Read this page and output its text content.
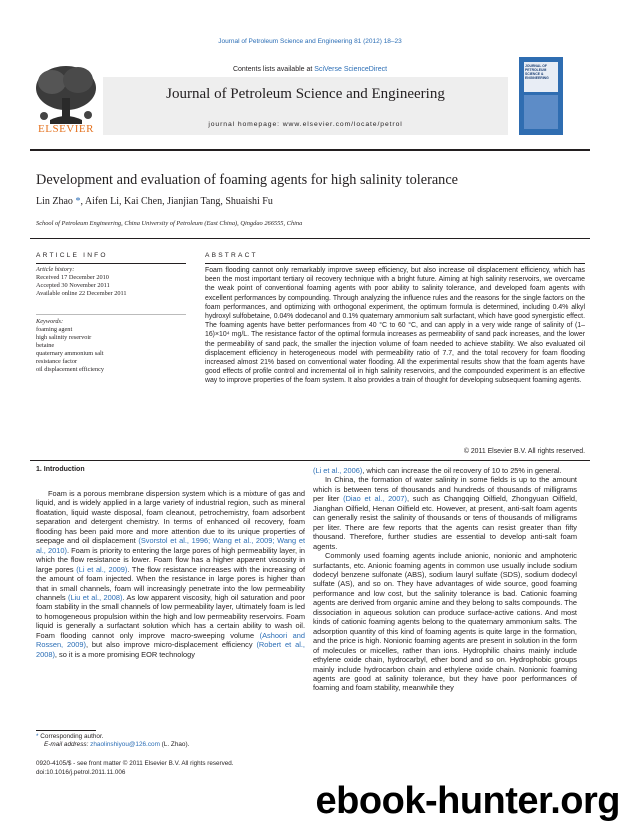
Journal of Petroleum Science and Engineering 81 (2012) 18–23
Contents lists available at SciVerse ScienceDirect
Journal of Petroleum Science and Engineering
journal homepage: www.elsevier.com/locate/petrol
ELSEVIER
JOURNAL OF PETROLEUM SCIENCE & ENGINEERING
Development and evaluation of foaming agents for high salinity tolerance
Lin Zhao *, Aifen Li, Kai Chen, Jianjian Tang, Shuaishi Fu
School of Petroleum Engineering, China University of Petroleum (East China), Qingdao 266555, China
ARTICLE INFO
Article history:
Received 17 December 2010
Accepted 30 November 2011
Available online 22 December 2011
Keywords:
foaming agent
high salinity reservoir
betaine
quaternary ammonium salt
resistance factor
oil displacement efficiency
ABSTRACT
Foam flooding cannot only remarkably improve sweep efficiency, but also increase oil displacement efficiency, which has been the most important tertiary oil recovery technique with a bright future. Aiming at high salinity reservoirs, we overcame the weak point of conventional foaming agents with poor ability to salinity tolerance, and developed foam agents with excellent performances by compounding. Through analyzing the influence rules and the reasons for the single factors on the foam performances, and optimizing with orthogonal experiment, the optimum formula is determined, including 0.4% alkyl hydroxyl sulfobetaine, 0.04% dodecanol and 0.1% quaternary ammonium salt surfactant, which have good synergistic effect. The foaming agents have better performances from 40 °C to 60 °C, and can apply in a very wide range of salinity of (1–16)×10⁴ mg/L. The resistance factor of the optimal formula increases as permeability of sand pack increases, and the lower the permeability of sand pack, the smaller the injection volume of foam needed to achieve stability. We also evaluated oil displacement efficiency in heterogeneous model with permeability ratio of 7.7, and the total recovery for foam flooding increased almost 21% based on conventional water flooding. All the experimental results show that the foam agents have good effects of profile control and incremental oil in high salinity reservoirs, and the compounded experiment is an effective way to improve properties of the foam system. It also provides a train of thought for developing subsequent foaming agents.
© 2011 Elsevier B.V. All rights reserved.
1. Introduction

Foam is a porous membrane dispersion system which is a mixture of gas and liquid, and is widely applied in a large variety of industrial region, such as mineral floatation, liquid waste disposal, foam cleanout, petrochemistry, foam adsorbent separation and detergent chemistry. In terms of enhanced oil recovery, foam flooding has been paid more and more attention due to its unique properties of seepage and oil displacement (Svorstol et al., 1996; Wang et al., 2009; Wang et al., 2010). Foam is priority to entering the large pores of high permeability layer, in which the flow resistance is lower. Foam flow has a higher apparent viscosity in large pores (Li et al., 2009). The flow resistance increases with the increasing of the amount of foam injected. When the resistance in large pores is higher than that in small channels, foam will increasingly penetrate into the low permeability channels (Liu et al., 2008). As low apparent viscosity, high oil saturation and poor foam stability in the small channels of low permeability layer, ultimately foam is led to homogeneous propulsion within the high and low permeability reservoirs. Foam liquid is generally a surfactant solution which has a certain ability to wash oil. Foam flooding cannot only improve macro-sweeping volume (Ashoori and Rossen, 2009), but also improve micro-displacement efficiency (Robert et al., 2008), so it is a more promising EOR technology

(Li et al., 2006), which can increase the oil recovery of 10 to 25% in general.

In China, the formation of water salinity in some fields is up to the amount which is between tens of thousands and hundreds of thousands of milligrams per liter (Diao et al., 2007), such as Changqing Oilfield, Zhongyuan Oilfield, Jianghan Oilfield, Henan Oilfield etc. However, at present, anti-salt foam agents can generally resist the salinity of thousands or tens of thousands of milligrams per liter. There are few reports that the agents can resist greater than fifty thousand. Therefore, further studies are essential to develop anti-salt foam agents.

Commonly used foaming agents include anionic, nonionic and amphoteric surfactants, etc. Anionic foaming agents in common use usually include sodium dodecyl benzene sulfonate (ABS), sodium lauryl sulfate (SDS), sodium dodecyl sulfate (AS), and so on. They have advantages of wide source, good foaming performance and low cost, but the salinity tolerance is bad. Cationic foaming agents are derived from organic amine and they belong to salts compounds. The dissociation in aqueous solution can produce surface-active cations. And most kinds of cationic foaming agents belong to the quaternary ammonium salts. The adsorption quantity of this kind of foaming agents is quite large in the formation, and the price is high. Nonionic foaming agents are present in solution in the form of molecules or micelles, rather than ions. Hydrophilic chains mainly include ethylene oxide chain, hydrocarbyl, ether bond and so on. Hydrophobic groups mainly include hydrocarbon chain and ethylene oxide chain. Nonionic foaming agents are good at salinity tolerance, but they have poor performances of foaming and foam stability, meanwhile they

* Corresponding author.
E-mail address: zhaolinshiyou@126.com (L. Zhao).
0920-4105/$ - see front matter © 2011 Elsevier B.V. All rights reserved.
doi:10.1016/j.petrol.2011.11.006
ebook-hunter.org
